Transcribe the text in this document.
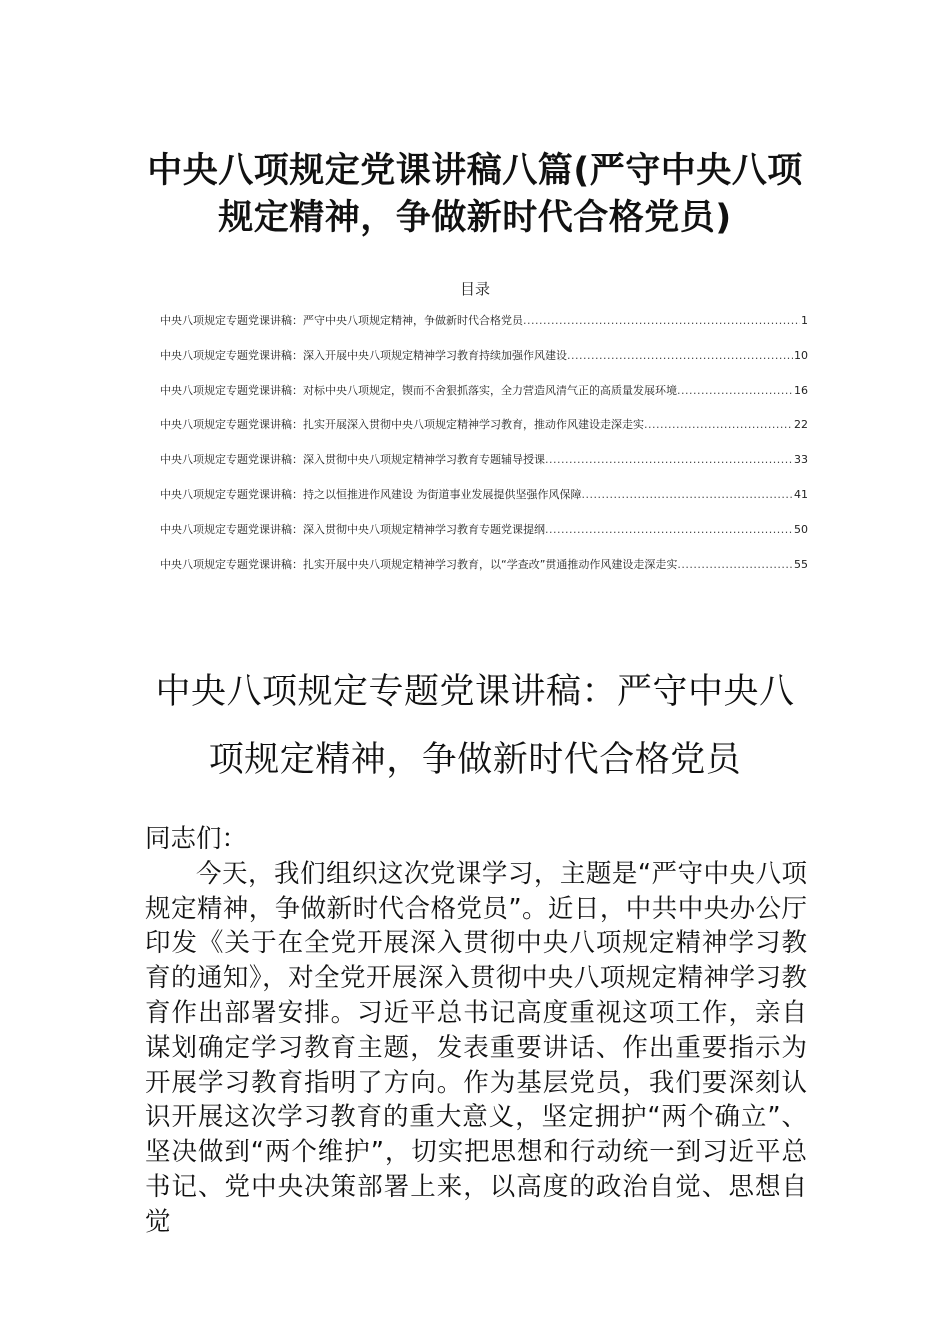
中央八项规定党课讲稿八篇(严守中央八项
规定精神，争做新时代合格党员)
目录
中央八项规定专题党课讲稿：严守中央八项规定精神，争做新时代合格党员 .....	1
中央八项规定专题党课讲稿：深入开展中央八项规定精神学习教育持续加强作风建设 .....	10
中央八项规定专题党课讲稿：对标中央八项规定，锲而不舍狠抓落实，全力营造风清气正的高质量发展环境 .....	16
中央八项规定专题党课讲稿：扎实开展深入贯彻中央八项规定精神学习教育，推动作风建设走深走实 .....	22
中央八项规定专题党课讲稿：深入贯彻中央八项规定精神学习教育专题辅导授课 .....	33
中央八项规定专题党课讲稿：持之以恒推进作风建设 为街道事业发展提供坚强作风保障 .....	41
中央八项规定专题党课讲稿：深入贯彻中央八项规定精神学习教育专题党课提纲 .....	50
中央八项规定专题党课讲稿：扎实开展中央八项规定精神学习教育，以“学查改”贯通推动作风建设走深走实 .....	55
中央八项规定专题党课讲稿：严守中央八
项规定精神，争做新时代合格党员

同志们：

今天，我们组织这次党课学习，主题是“严守中央八项规定精神，争做新时代合格党员”。近日，中共中央办公厅印发《关于在全党开展深入贯彻中央八项规定精神学习教育的通知》，对全党开展深入贯彻中央八项规定精神学习教育作出部署安排。习近平总书记高度重视这项工作，亲自谋划确定学习教育主题，发表重要讲话、作出重要指示为开展学习教育指明了方向。作为基层党员，我们要深刻认识开展这次学习教育的重大意义，坚定拥护“两个确立”、坚决做到“两个维护”，切实把思想和行动统一到习近平总书记、党中央决策部署上来，以高度的政治自觉、思想自觉
